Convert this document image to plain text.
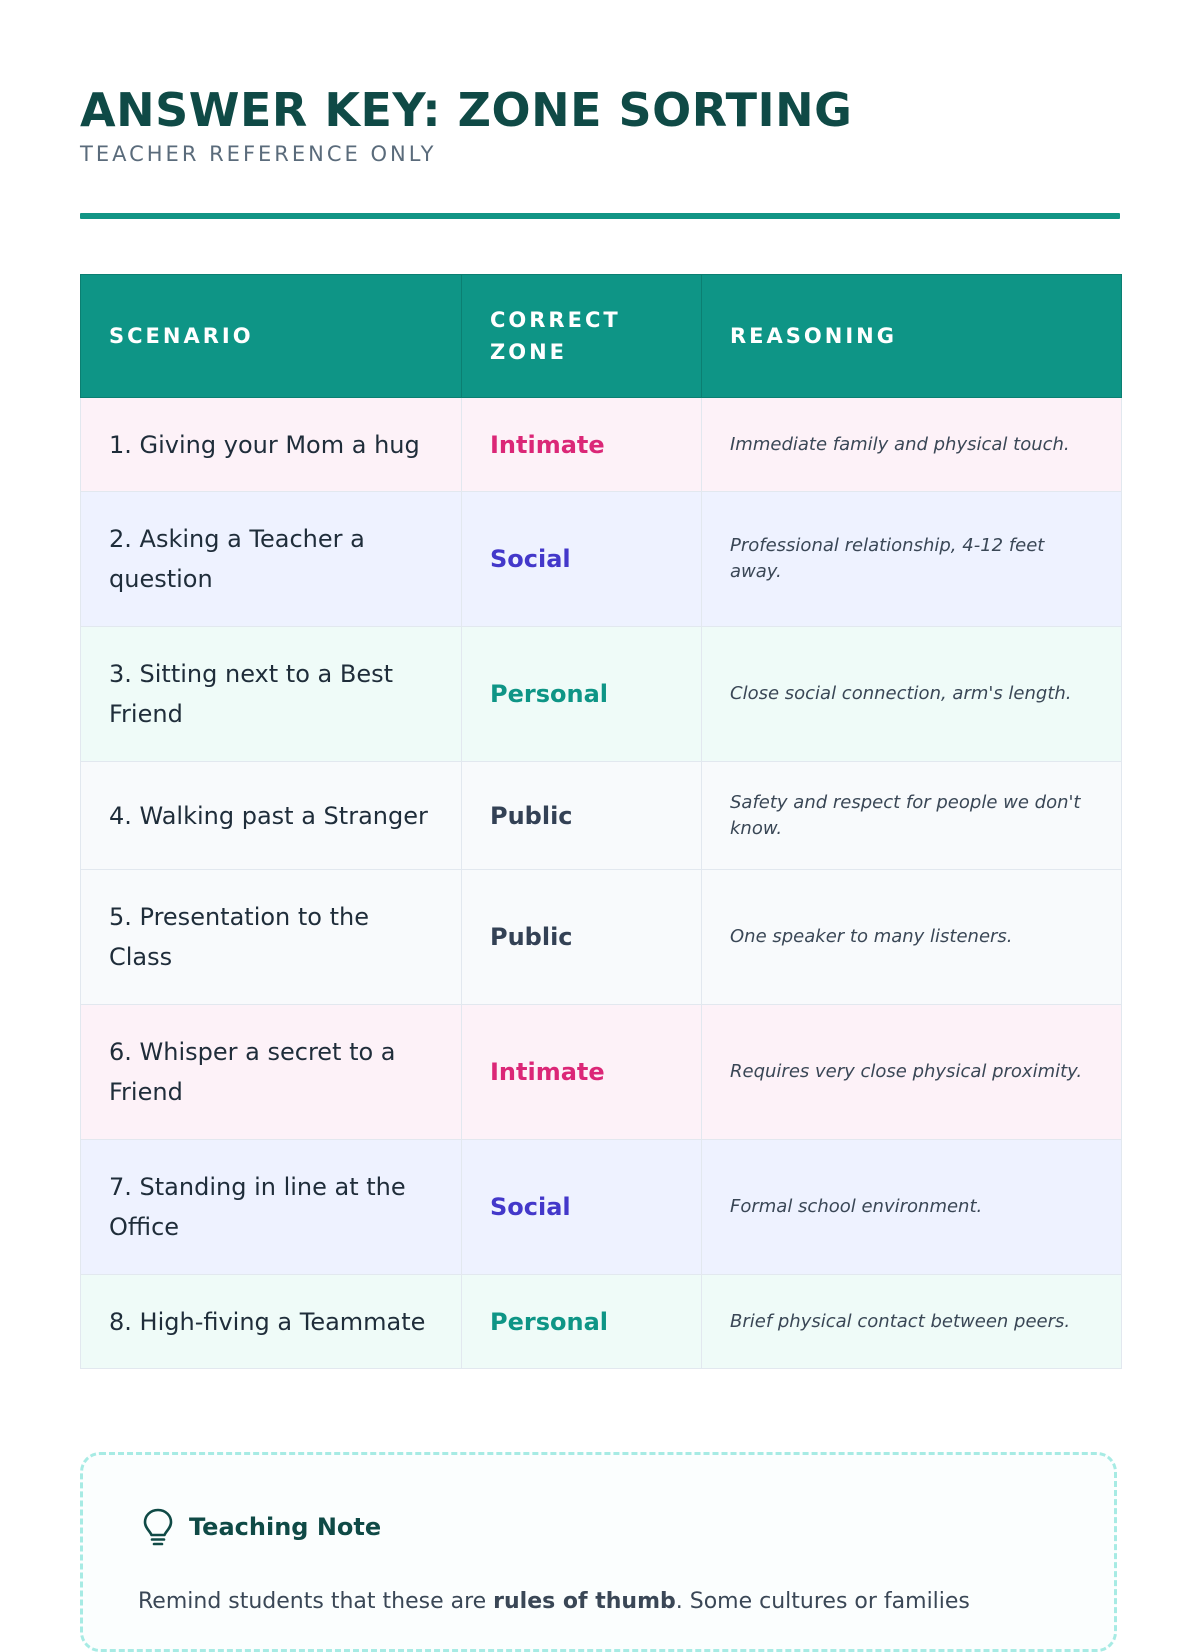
ANSWER KEY: ZONE SORTING
TEACHER REFERENCE ONLY
SCENARIO	CORRECT ZONE	REASONING
1. Giving your Mom a hug	Intimate	Immediate family and physical touch.
2. Asking a Teacher a question	Social	Professional relationship, 4-12 feet away.
3. Sitting next to a Best Friend	Personal	Close social connection, arm's length.
4. Walking past a Stranger	Public	Safety and respect for people we don't know.
5. Presentation to the Class	Public	One speaker to many listeners.
6. Whisper a secret to a Friend	Intimate	Requires very close physical proximity.
7. Standing in line at the Office	Social	Formal school environment.
8. High-fiving a Teammate	Personal	Brief physical contact between peers.
Teaching Note

Remind students that these are rules of thumb. Some cultures or families
